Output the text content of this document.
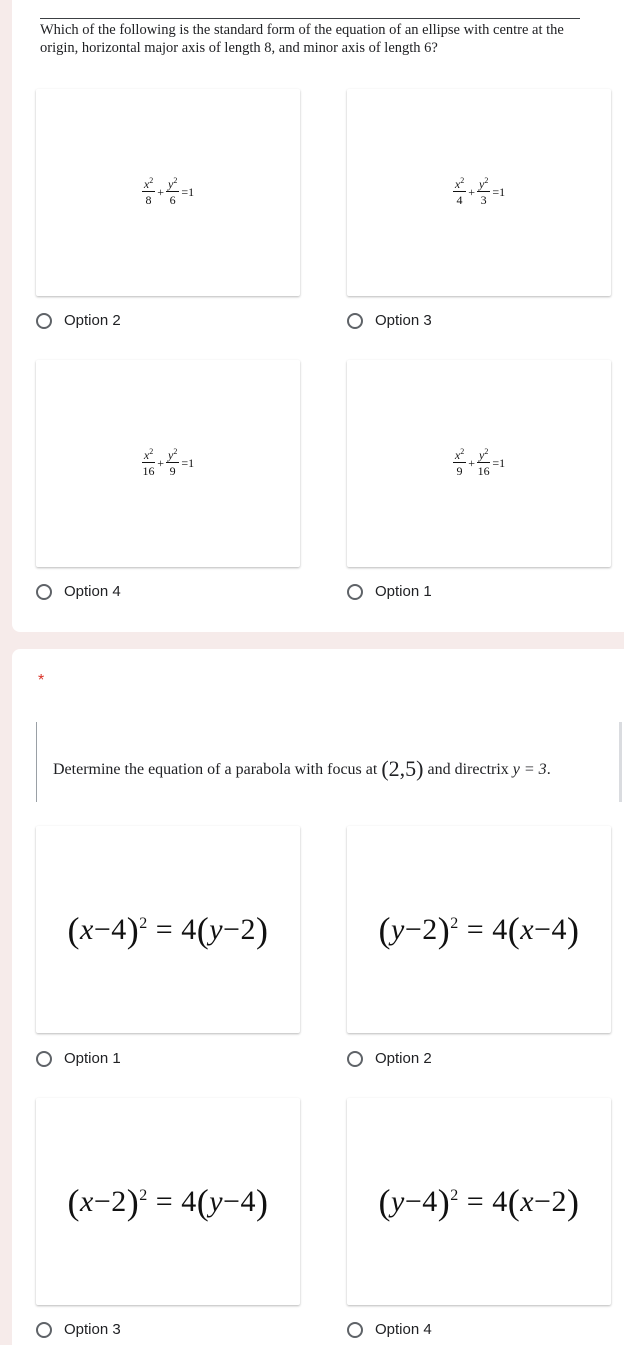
Which of the following is the standard form of the equation of an ellipse with centre at the origin, horizontal major axis of length 8, and minor axis of length 6?
$\frac{x^2}{8} + \frac{y^2}{6} =1$
Option 2
$\frac{x^2}{4} + \frac{y^2}{3} =1$
Option 3
$\frac{x^2}{16} + \frac{y^2}{9} =1$
Option 4
$\frac{x^2}{9} + \frac{y^2}{16} =1$
Option 1
*
Determine the equation of a parabola with focus at (2,5) and directrix y = 3.
$(x-4)^2 = 4(y-2)$
Option 1
$(y-2)^2 = 4(x-4)$
Option 2
$(x-2)^2 = 4(y-4)$
Option 3
$(y-4)^2 = 4(x-2)$
Option 4
